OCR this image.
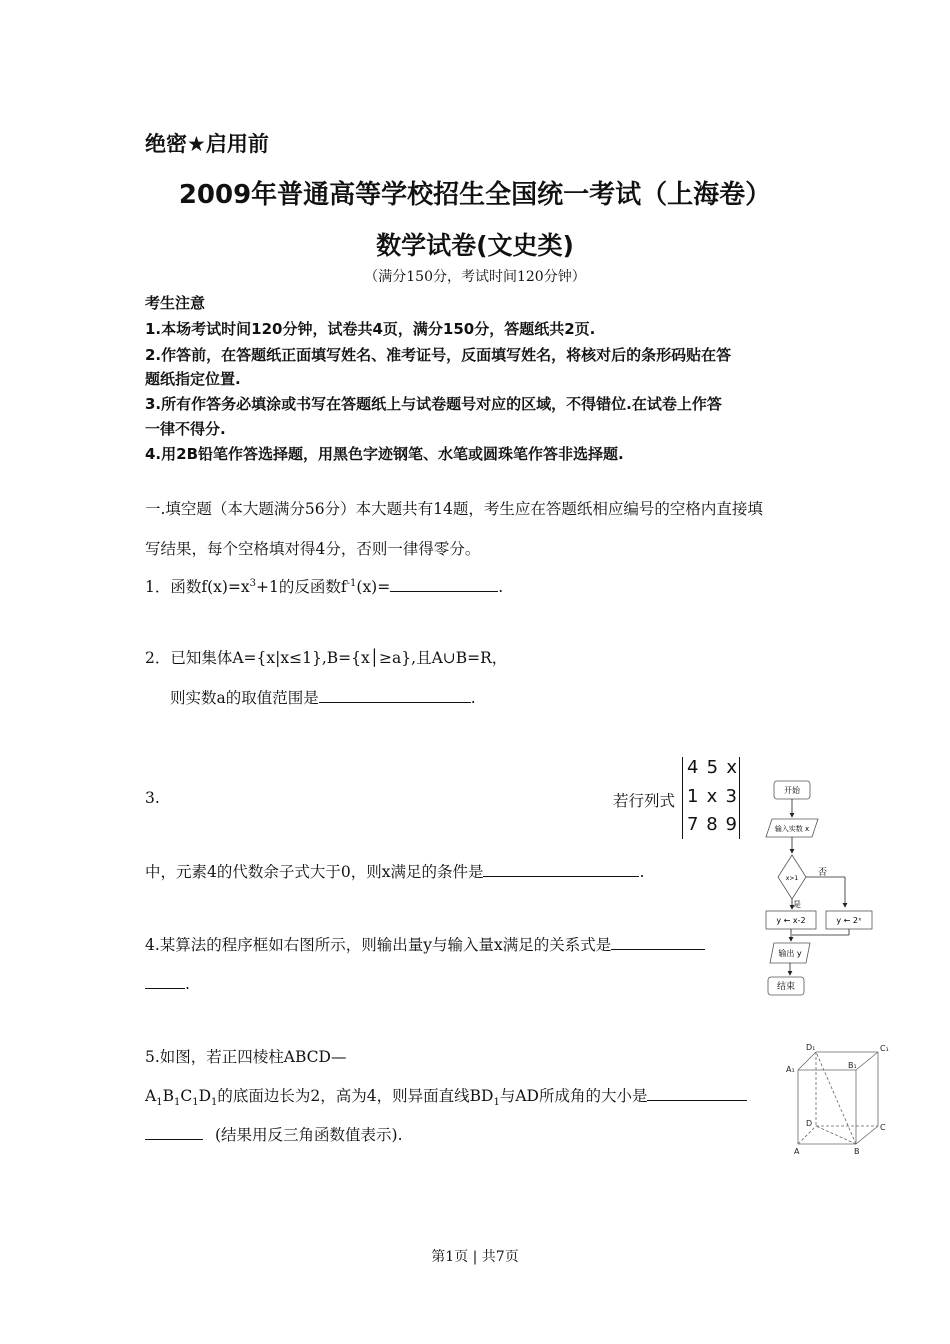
绝密★启用前
2009年普通高等学校招生全国统一考试（上海卷）
数学试卷(文史类)
（满分150分，考试时间120分钟）
考生注意
1.本场考试时间120分钟，试卷共4页，满分150分，答题纸共2页.
2.作答前，在答题纸正面填写姓名、准考证号，反面填写姓名，将核对后的条形码贴在答
题纸指定位置.
3.所有作答务必填涂或书写在答题纸上与试卷题号对应的区域，不得错位.在试卷上作答
一律不得分.
4.用2B铅笔作答选择题，用黑色字迹钢笔、水笔或圆珠笔作答非选择题.
一.填空题（本大题满分56分）本大题共有14题，考生应在答题纸相应编号的空格内直接填
写结果，每个空格填对得4分，否则一律得零分。
1．函数$f(x)=x^3+1$的反函数$f^{-1}(x)=$	.
2．已知集体A={x|x≤1},B={x│≥a},且A∪B=R，
则实数a的取值范围是	.
3.	若行列式
4 5 x
1 x 3
7 8 9
中，元素4的代数余子式大于0，则x满足的条件是	.
4.某算法的程序框如右图所示，则输出量y与输入量x满足的关系式是
.
5.如图，若正四棱柱ABCD—
$A_1B_1C_1D_1$的底面边长为2，高为4，则异面直线$BD_1$与AD所成角的大小是
(结果用反三角函数值表示).
开始
输入实数 x
x>1
否
是
y ← x-2	y ← 2ˣ
输出 y
结束
D₁	C₁
A₁	B₁
D	C
A	B
第1页 | 共7页
